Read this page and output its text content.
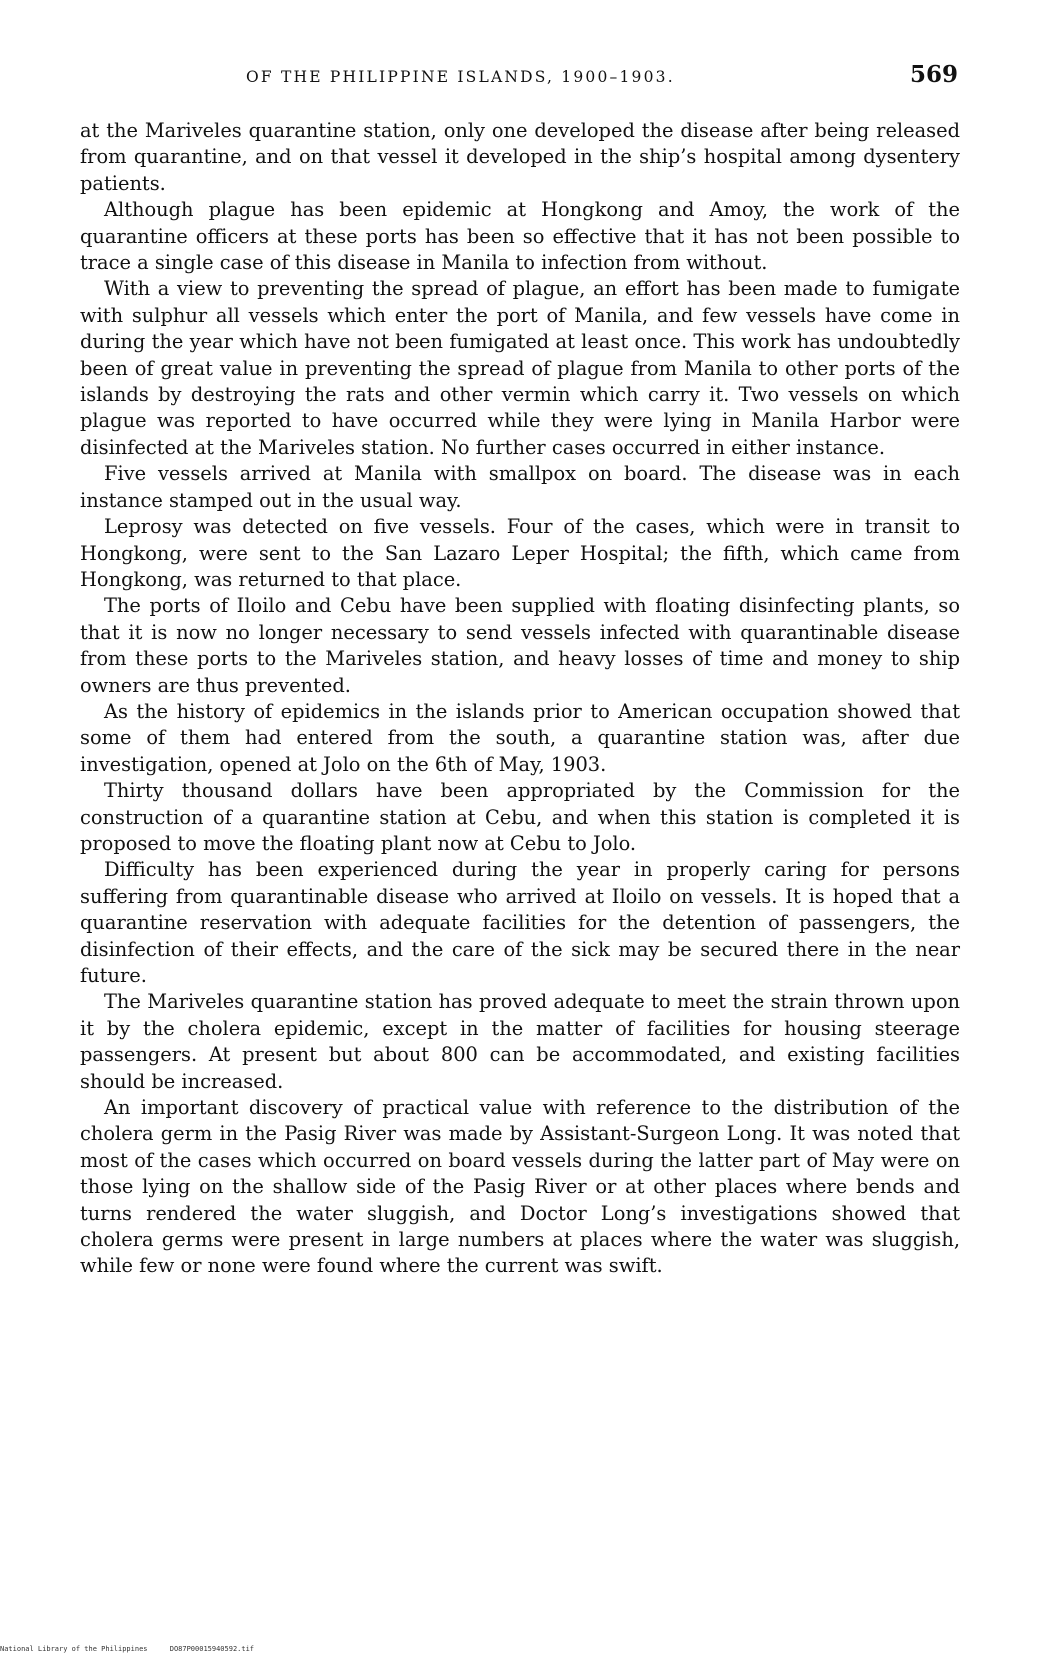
OF THE PHILIPPINE ISLANDS, 1900–1903.	569

at the Mariveles quarantine station, only one developed the disease after being released from quarantine, and on that vessel it developed in the ship’s hospital among dysentery patients.

Although plague has been epidemic at Hongkong and Amoy, the work of the quarantine officers at these ports has been so effective that it has not been possible to trace a single case of this disease in Manila to infection from without.

With a view to preventing the spread of plague, an effort has been made to fumigate with sulphur all vessels which enter the port of Manila, and few vessels have come in during the year which have not been fumigated at least once. This work has undoubtedly been of great value in preventing the spread of plague from Manila to other ports of the islands by destroying the rats and other vermin which carry it. Two vessels on which plague was reported to have occurred while they were lying in Manila Harbor were disinfected at the Mariveles station. No further cases occurred in either instance.

Five vessels arrived at Manila with smallpox on board. The disease was in each instance stamped out in the usual way.

Leprosy was detected on five vessels. Four of the cases, which were in transit to Hongkong, were sent to the San Lazaro Leper Hospital; the fifth, which came from Hongkong, was returned to that place.

The ports of Iloilo and Cebu have been supplied with floating disinfecting plants, so that it is now no longer necessary to send vessels infected with quarantinable disease from these ports to the Mariveles station, and heavy losses of time and money to ship owners are thus prevented.

As the history of epidemics in the islands prior to American occupation showed that some of them had entered from the south, a quarantine station was, after due investigation, opened at Jolo on the 6th of May, 1903.

Thirty thousand dollars have been appropriated by the Commission for the construction of a quarantine station at Cebu, and when this station is completed it is proposed to move the floating plant now at Cebu to Jolo.

Difficulty has been experienced during the year in properly caring for persons suffering from quarantinable disease who arrived at Iloilo on vessels. It is hoped that a quarantine reservation with adequate facilities for the detention of passengers, the disinfection of their effects, and the care of the sick may be secured there in the near future.

The Mariveles quarantine station has proved adequate to meet the strain thrown upon it by the cholera epidemic, except in the matter of facilities for housing steerage passengers. At present but about 800 can be accommodated, and existing facilities should be increased.

An important discovery of practical value with reference to the distribution of the cholera germ in the Pasig River was made by Assistant-Surgeon Long. It was noted that most of the cases which occurred on board vessels during the latter part of May were on those lying on the shallow side of the Pasig River or at other places where bends and turns rendered the water sluggish, and Doctor Long’s investigations showed that cholera germs were present in large numbers at places where the water was sluggish, while few or none were found where the current was swift.

National Library of the Philippines	DO87P00015940592.tif
